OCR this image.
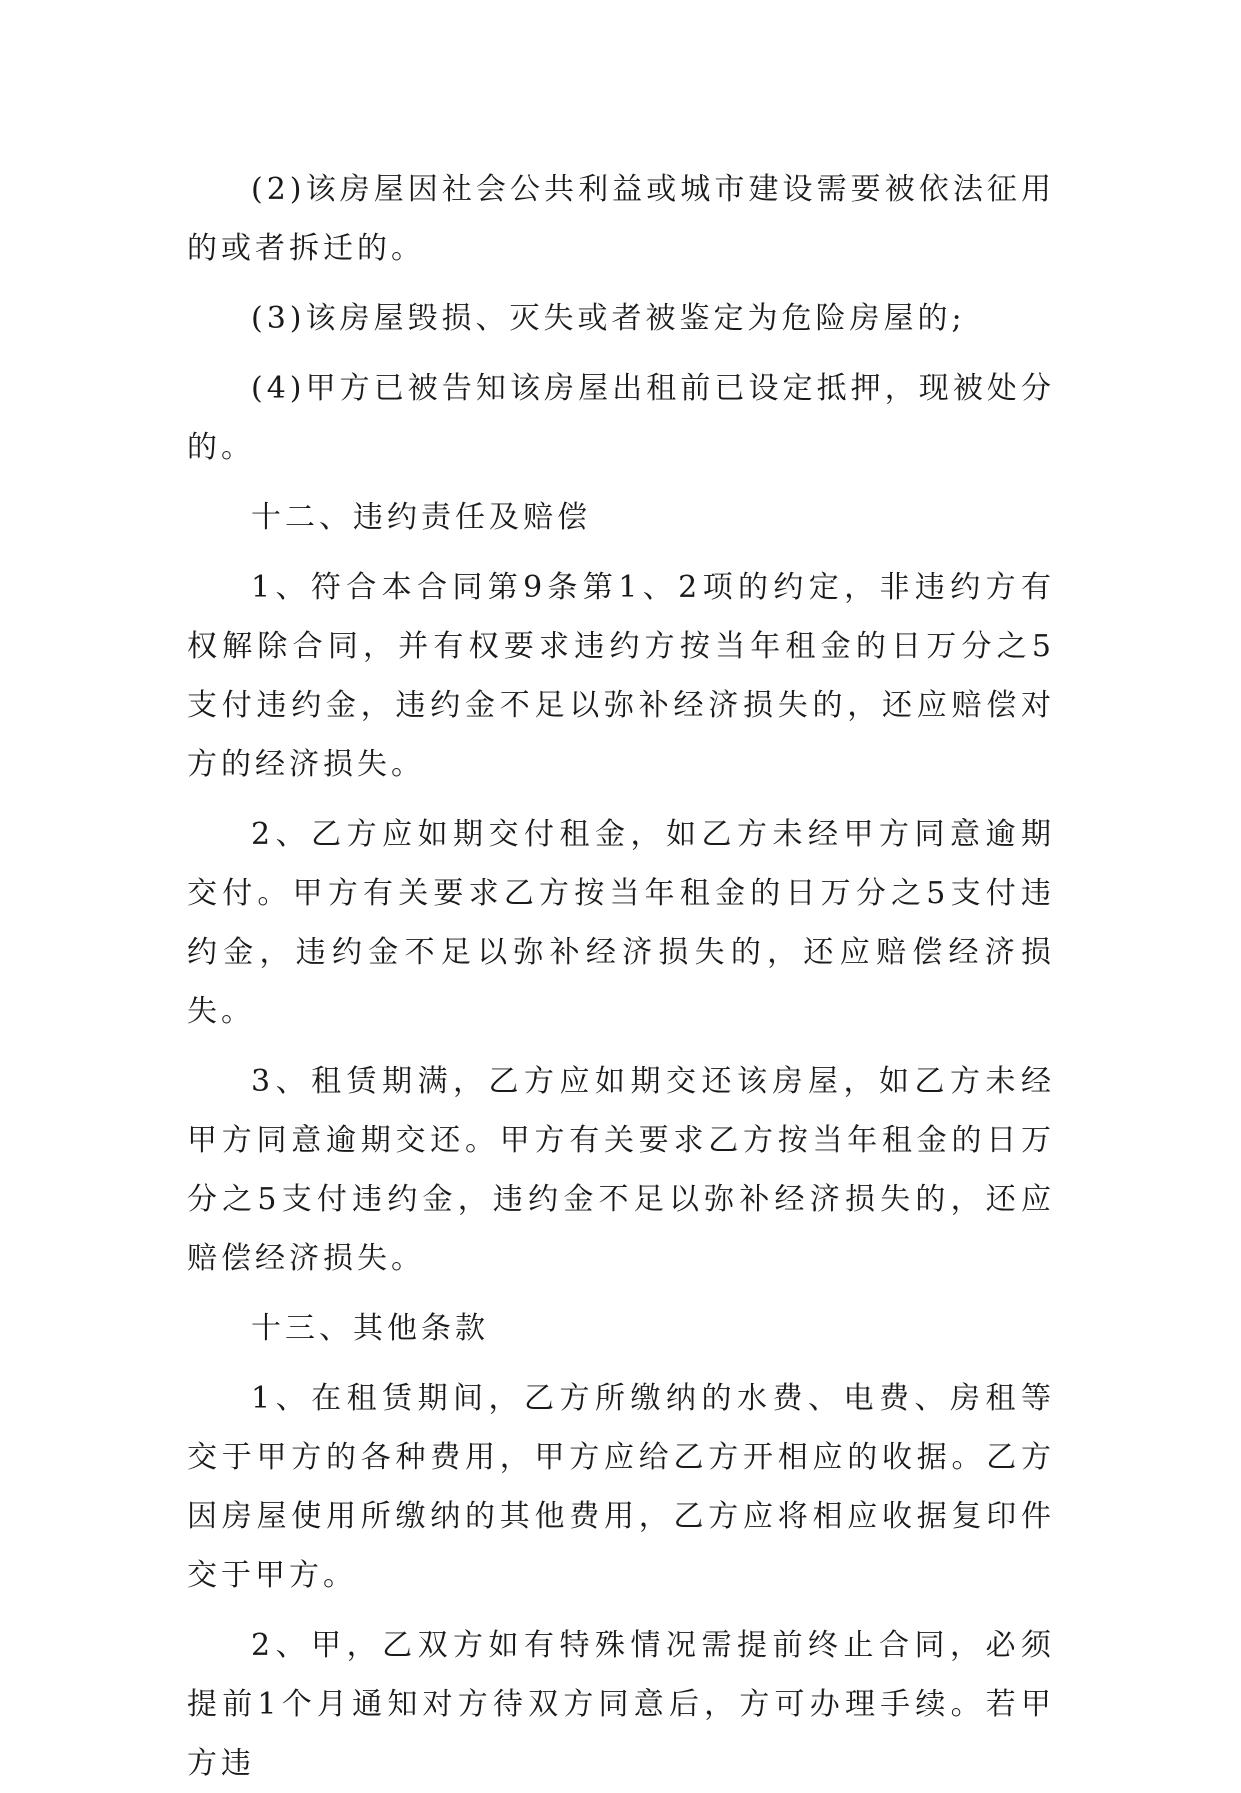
(2)该房屋因社会公共利益或城市建设需要被依法征用的或者拆迁的。

(3)该房屋毁损、灭失或者被鉴定为危险房屋的;

(4)甲方已被告知该房屋出租前已设定抵押，现被处分的。

十二、违约责任及赔偿

1、符合本合同第9条第1、2项的约定，非违约方有权解除合同，并有权要求违约方按当年租金的日万分之5支付违约金，违约金不足以弥补经济损失的，还应赔偿对方的经济损失。

2、乙方应如期交付租金，如乙方未经甲方同意逾期交付。甲方有关要求乙方按当年租金的日万分之5支付违约金，违约金不足以弥补经济损失的，还应赔偿经济损失。

3、租赁期满，乙方应如期交还该房屋，如乙方未经甲方同意逾期交还。甲方有关要求乙方按当年租金的日万分之5支付违约金，违约金不足以弥补经济损失的，还应赔偿经济损失。

十三、其他条款

1、在租赁期间，乙方所缴纳的水费、电费、房租等交于甲方的各种费用，甲方应给乙方开相应的收据。乙方因房屋使用所缴纳的其他费用，乙方应将相应收据复印件交于甲方。

2、甲，乙双方如有特殊情况需提前终止合同，必须提前1个月通知对方待双方同意后，方可办理手续。若甲方违
